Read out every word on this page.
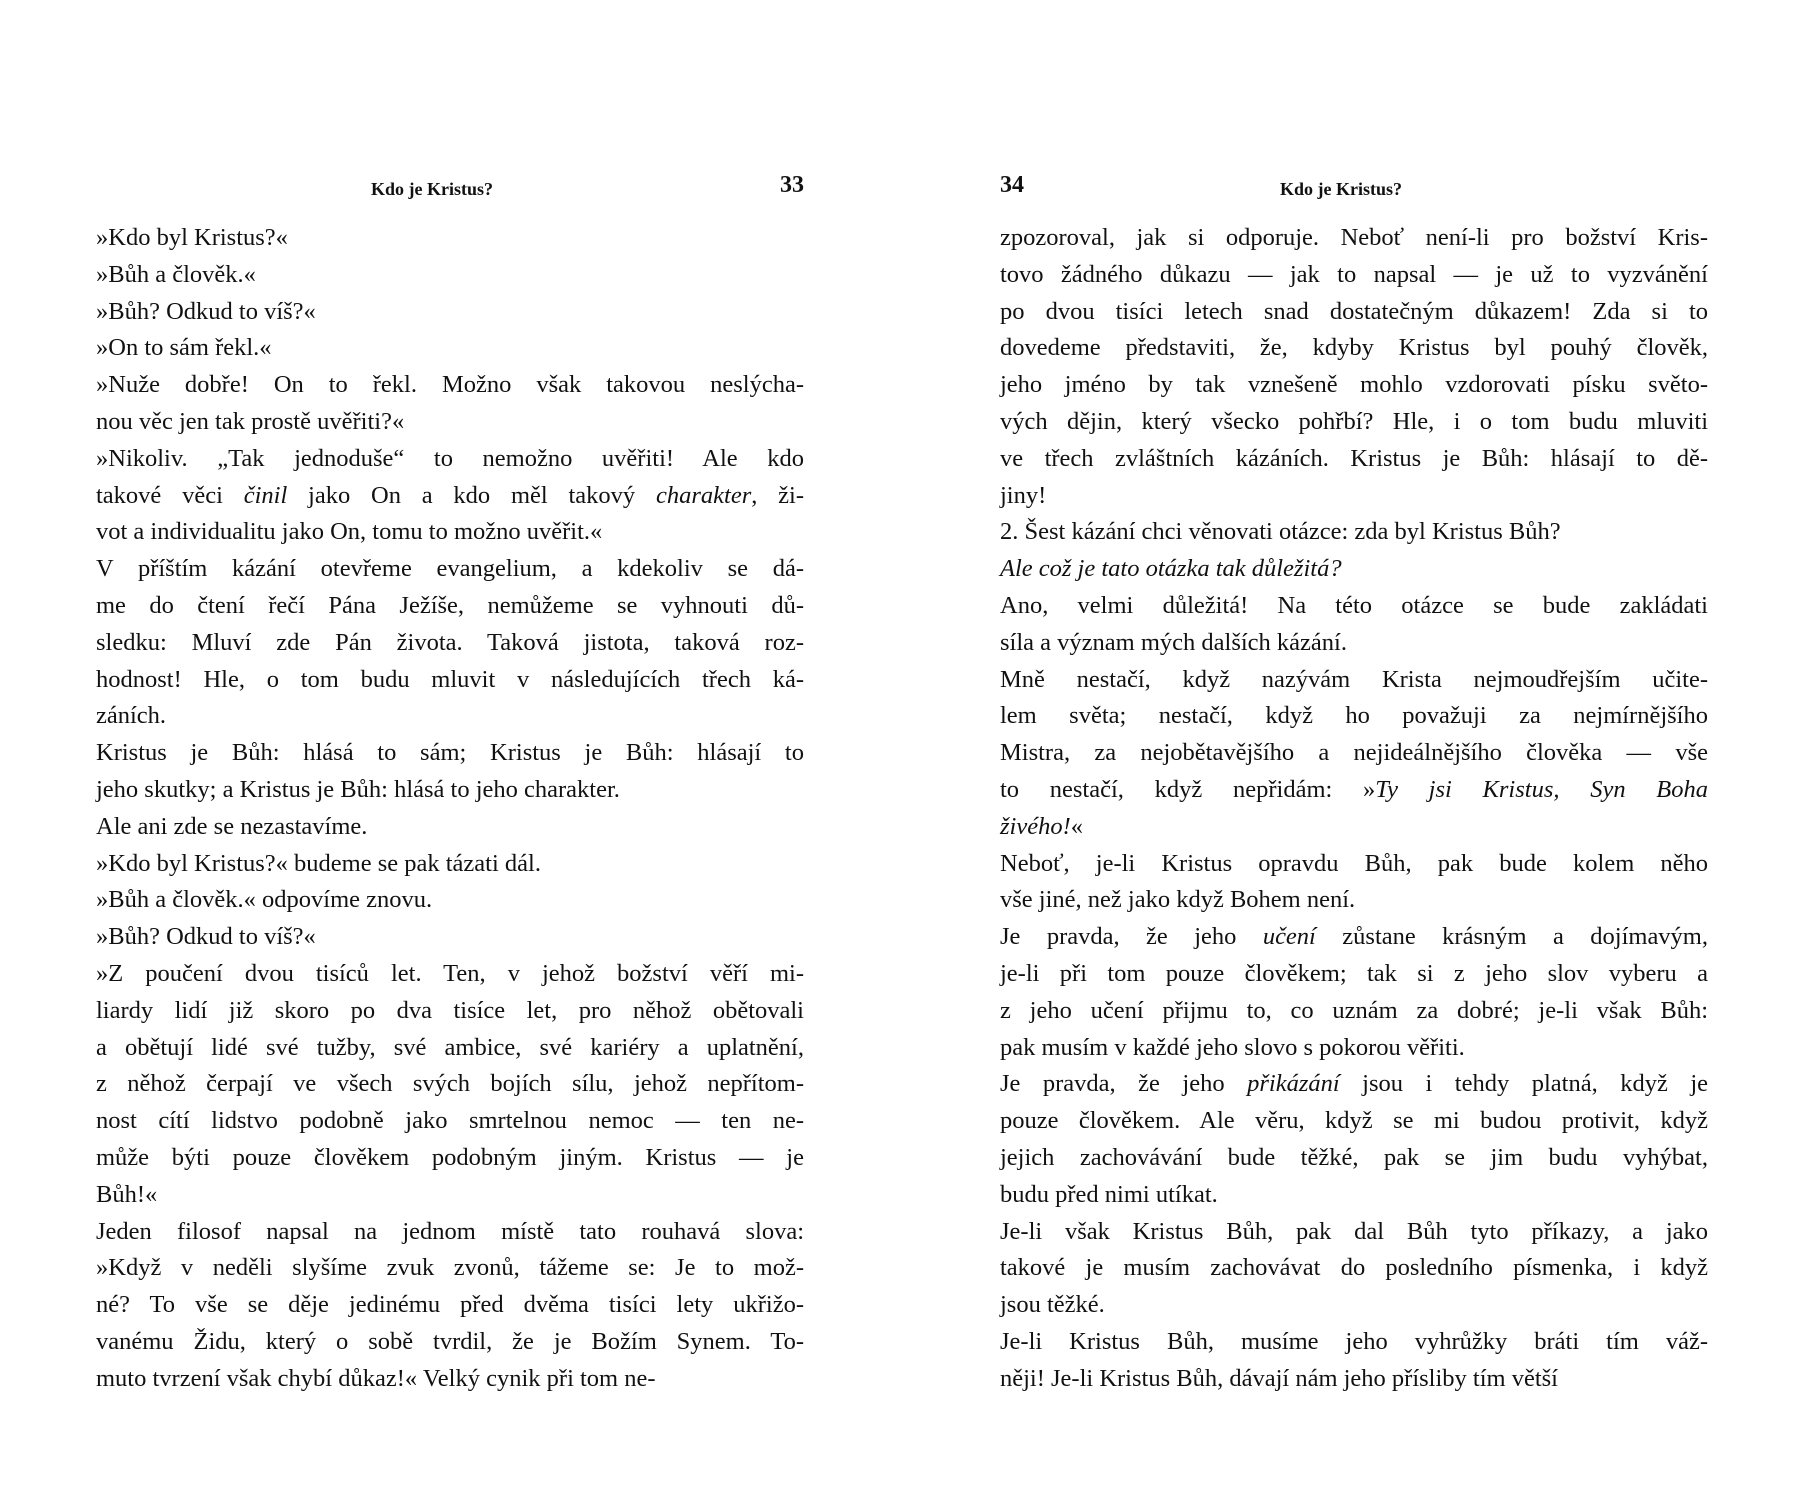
Kdo je Kristus?	33

»Kdo byl Kristus?«

»Bůh a člověk.«

»Bůh? Odkud to víš?«

»On to sám řekl.«

»Nuže dobře! On to řekl. Možno však takovou neslýcha-
nou věc jen tak prostě uvěřiti?«

»Nikoliv. „Tak jednoduše“ to nemožno uvěřiti! Ale kdo
takové věci činil jako On a kdo měl takový charakter, ži-
vot a individualitu jako On, tomu to možno uvěřit.«

V příštím kázání otevřeme evangelium, a kdekoliv se dá-
me do čtení řečí Pána Ježíše, nemůžeme se vyhnouti dů-
sledku: Mluví zde Pán života. Taková jistota, taková roz-
hodnost! Hle, o tom budu mluvit v následujících třech ká-
záních.

Kristus je Bůh: hlásá to sám; Kristus je Bůh: hlásají to
jeho skutky; a Kristus je Bůh: hlásá to jeho charakter.

Ale ani zde se nezastavíme.

»Kdo byl Kristus?« budeme se pak tázati dál.

»Bůh a člověk.« odpovíme znovu.

»Bůh? Odkud to víš?«

»Z poučení dvou tisíců let. Ten, v jehož božství věří mi-
liardy lidí již skoro po dva tisíce let, pro něhož obětovali
a obětují lidé své tužby, své ambice, své kariéry a uplatnění,
z něhož čerpají ve všech svých bojích sílu, jehož nepřítom-
nost cítí lidstvo podobně jako smrtelnou nemoc — ten ne-
může býti pouze člověkem podobným jiným. Kristus — je
Bůh!«

Jeden filosof napsal na jednom místě tato rouhavá slova:
»Když v neděli slyšíme zvuk zvonů, tážeme se: Je to mož-
né? To vše se děje jedinému před dvěma tisíci lety ukřižo-
vanému Židu, který o sobě tvrdil, že je Božím Synem. To-
muto tvrzení však chybí důkaz!« Velký cynik při tom ne-

34	Kdo je Kristus?

zpozoroval, jak si odporuje. Neboť není-li pro božství Kris-
tovo žádného důkazu — jak to napsal — je už to vyzvánění
po dvou tisíci letech snad dostatečným důkazem! Zda si to
dovedeme představiti, že, kdyby Kristus byl pouhý člověk,
jeho jméno by tak vznešeně mohlo vzdorovati písku světo-
vých dějin, který všecko pohřbí? Hle, i o tom budu mluviti
ve třech zvláštních kázáních. Kristus je Bůh: hlásají to dě-
jiny!

2. Šest kázání chci věnovati otázce: zda byl Kristus Bůh?

Ale což je tato otázka tak důležitá?

Ano, velmi důležitá! Na této otázce se bude zakládati
síla a význam mých dalších kázání.

Mně nestačí, když nazývám Krista nejmoudřejším učite-
lem světa; nestačí, když ho považuji za nejmírnějšího
Mistra, za nejobětavějšího a nejideálnějšího člověka — vše
to nestačí, když nepřidám: »Ty jsi Kristus, Syn Boha
živého!«

Neboť, je-li Kristus opravdu Bůh, pak bude kolem něho
vše jiné, než jako když Bohem není.

Je pravda, že jeho učení zůstane krásným a dojímavým,
je-li při tom pouze člověkem; tak si z jeho slov vyberu a
z jeho učení přijmu to, co uznám za dobré; je-li však Bůh:
pak musím v každé jeho slovo s pokorou věřiti.

Je pravda, že jeho přikázání jsou i tehdy platná, když je
pouze člověkem. Ale věru, když se mi budou protivit, když
jejich zachovávání bude těžké, pak se jim budu vyhýbat,
budu před nimi utíkat.

Je-li však Kristus Bůh, pak dal Bůh tyto příkazy, a jako
takové je musím zachovávat do posledního písmenka, i když
jsou těžké.

Je-li Kristus Bůh, musíme jeho vyhrůžky bráti tím váž-
něji! Je-li Kristus Bůh, dávají nám jeho přísliby tím větší
